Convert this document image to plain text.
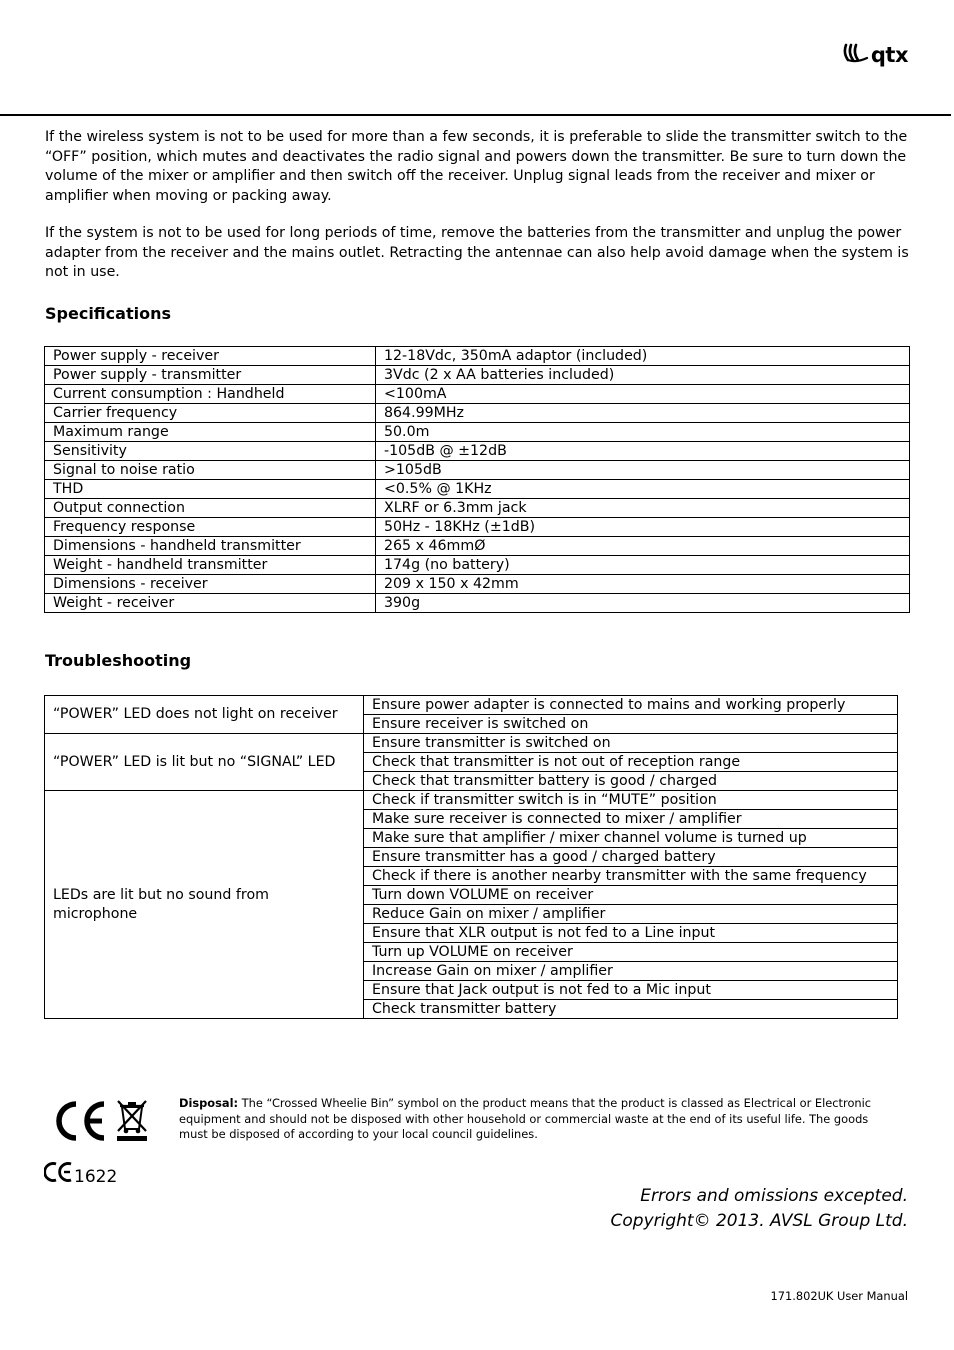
qtx

If the wireless system is not to be used for more than a few seconds, it is preferable to slide the transmitter switch to the “OFF” position, which mutes and deactivates the radio signal and powers down the transmitter. Be sure to turn down the volume of the mixer or amplifier and then switch off the receiver. Unplug signal leads from the receiver and mixer or amplifier when moving or packing away.

If the system is not to be used for long periods of time, remove the batteries from the transmitter and unplug the power adapter from the receiver and the mains outlet. Retracting the antennae can also help avoid damage when the system is not in use.

Specifications
Power supply - receiver	12-18Vdc, 350mA adaptor (included)
Power supply - transmitter	3Vdc (2 x AA batteries included)
Current consumption : Handheld	<100mA
Carrier frequency	864.99MHz
Maximum range	50.0m
Sensitivity	-105dB @ ±12dB
Signal to noise ratio	>105dB
THD	<0.5% @ 1KHz
Output connection	XLRF or 6.3mm jack
Frequency response	50Hz - 18KHz (±1dB)
Dimensions - handheld transmitter	265 x 46mmØ
Weight - handheld transmitter	174g (no battery)
Dimensions - receiver	209 x 150 x 42mm
Weight - receiver	390g
Troubleshooting
“POWER” LED does not light on receiver	Ensure power adapter is connected to mains and working properly
	Ensure receiver is switched on
“POWER” LED is lit but no “SIGNAL” LED	Ensure transmitter is switched on
	Check that transmitter is not out of reception range
	Check that transmitter battery is good / charged
LEDs are lit but no sound from microphone	Check if transmitter switch is in “MUTE” position
	Make sure receiver is connected to mixer / amplifier
	Make sure that amplifier / mixer channel volume is turned up
	Ensure transmitter has a good / charged battery
	Check if there is another nearby transmitter with the same frequency
	Turn down VOLUME on receiver
	Reduce Gain on mixer / amplifier
	Ensure that XLR output is not fed to a Line input
	Turn up VOLUME on receiver
	Increase Gain on mixer / amplifier
	Ensure that Jack output is not fed to a Mic input
	Check transmitter battery

Disposal: The “Crossed Wheelie Bin” symbol on the product means that the product is classed as Electrical or Electronic equipment and should not be disposed with other household or commercial waste at the end of its useful life. The goods must be disposed of according to your local council guidelines.

1622

Errors and omissions excepted.

Copyright© 2013. AVSL Group Ltd.

171.802UK User Manual
